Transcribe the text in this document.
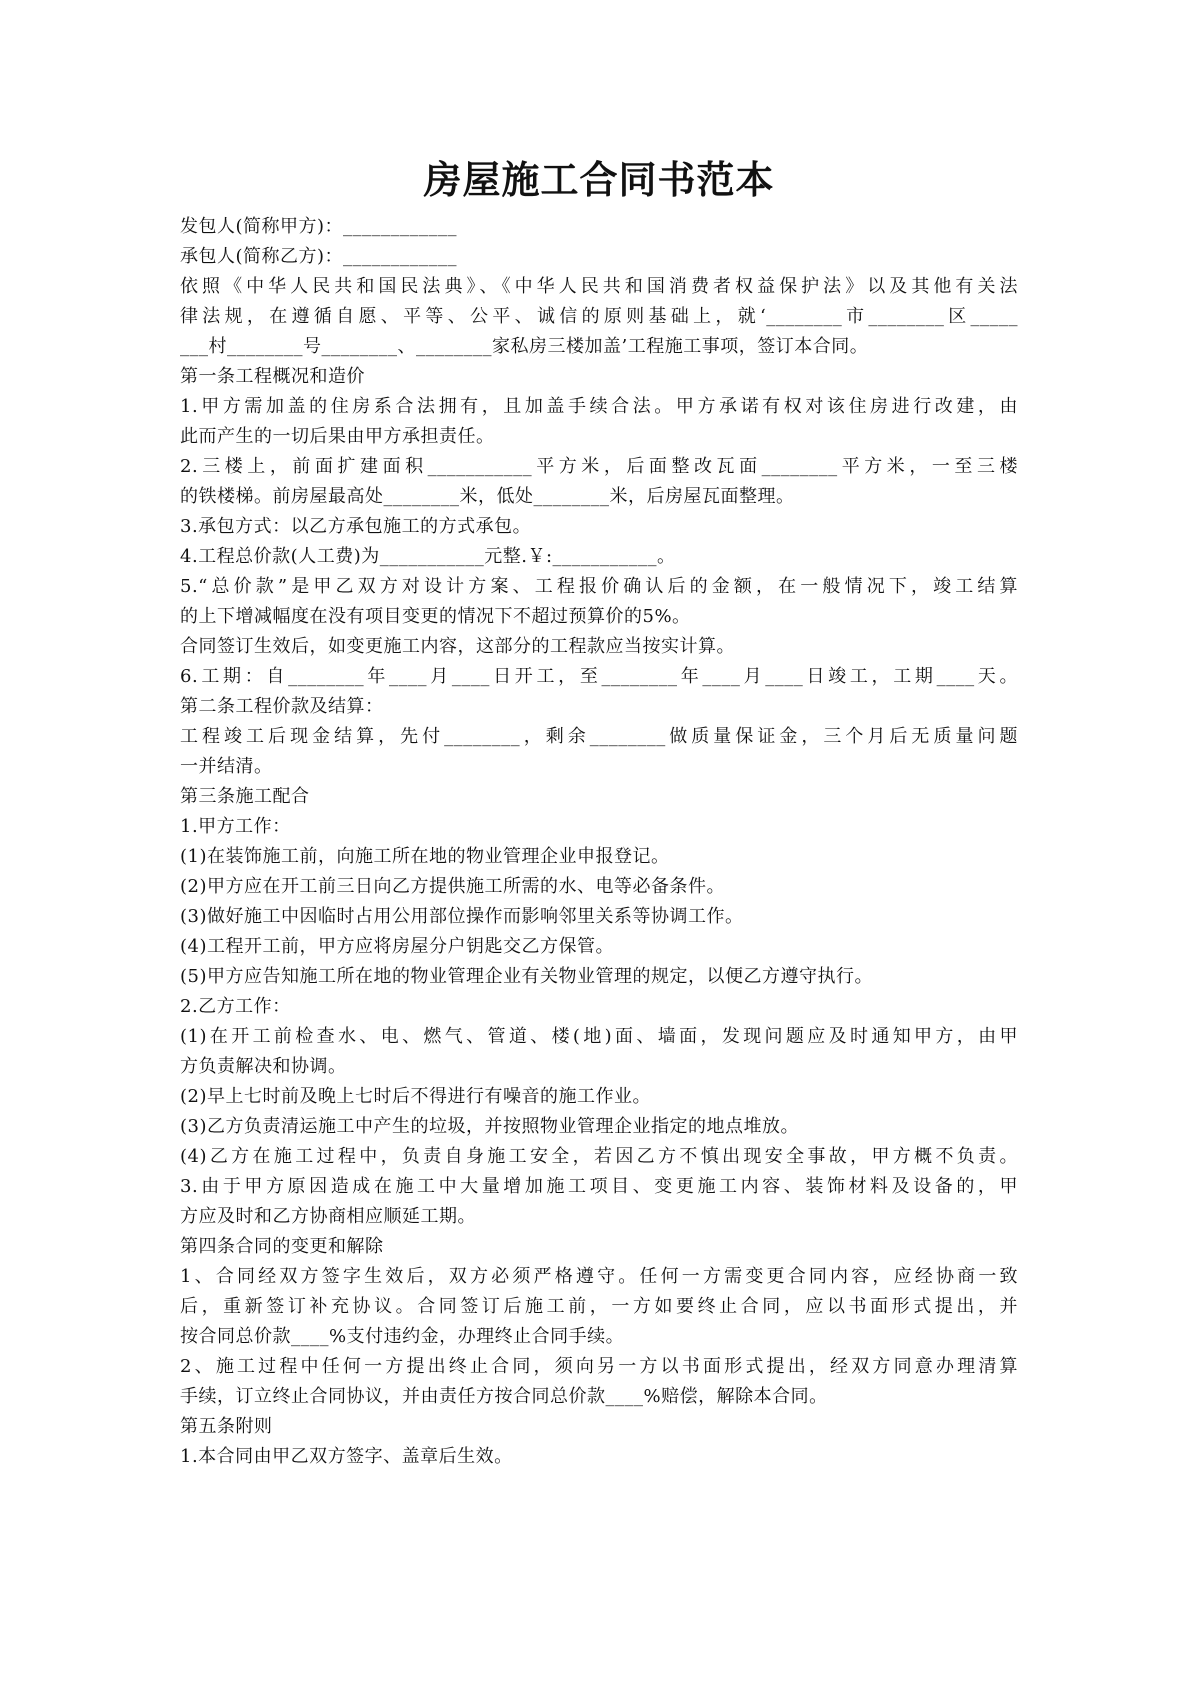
房屋施工合同书范本
发包人(简称甲方)：____________
承包人(简称乙方)：____________
依照《中华人民共和国民法典》、《中华人民共和国消费者权益保护法》以及其他有关法
律法规，在遵循自愿、平等、公平、诚信的原则基础上，就‘________市________区_____
___村________号________、________家私房三楼加盖’工程施工事项，签订本合同。
第一条工程概况和造价
1.甲方需加盖的住房系合法拥有，且加盖手续合法。甲方承诺有权对该住房进行改建，由
此而产生的一切后果由甲方承担责任。
2.三楼上，前面扩建面积___________平方米，后面整改瓦面________平方米，一至三楼
的铁楼梯。前房屋最高处________米，低处________米，后房屋瓦面整理。
3.承包方式：以乙方承包施工的方式承包。
4.工程总价款(人工费)为___________元整.￥:___________。
5.“总价款”是甲乙双方对设计方案、工程报价确认后的金额，在一般情况下，竣工结算
的上下增减幅度在没有项目变更的情况下不超过预算价的5%。
合同签订生效后，如变更施工内容，这部分的工程款应当按实计算。
6.工期：自________年____月____日开工，至________年____月____日竣工，工期____天。
第二条工程价款及结算：
工程竣工后现金结算，先付________，剩余________做质量保证金，三个月后无质量问题
一并结清。
第三条施工配合
1.甲方工作：
(1)在装饰施工前，向施工所在地的物业管理企业申报登记。
(2)甲方应在开工前三日向乙方提供施工所需的水、电等必备条件。
(3)做好施工中因临时占用公用部位操作而影响邻里关系等协调工作。
(4)工程开工前，甲方应将房屋分户钥匙交乙方保管。
(5)甲方应告知施工所在地的物业管理企业有关物业管理的规定，以便乙方遵守执行。
2.乙方工作：
(1)在开工前检查水、电、燃气、管道、楼(地)面、墙面，发现问题应及时通知甲方，由甲
方负责解决和协调。
(2)早上七时前及晚上七时后不得进行有噪音的施工作业。
(3)乙方负责清运施工中产生的垃圾，并按照物业管理企业指定的地点堆放。
(4)乙方在施工过程中，负责自身施工安全，若因乙方不慎出现安全事故，甲方概不负责。
3.由于甲方原因造成在施工中大量增加施工项目、变更施工内容、装饰材料及设备的，甲
方应及时和乙方协商相应顺延工期。
第四条合同的变更和解除
1、合同经双方签字生效后，双方必须严格遵守。任何一方需变更合同内容，应经协商一致
后，重新签订补充协议。合同签订后施工前，一方如要终止合同，应以书面形式提出，并
按合同总价款____%支付违约金，办理终止合同手续。
2、施工过程中任何一方提出终止合同，须向另一方以书面形式提出，经双方同意办理清算
手续，订立终止合同协议，并由责任方按合同总价款____%赔偿，解除本合同。
第五条附则
1.本合同由甲乙双方签字、盖章后生效。
